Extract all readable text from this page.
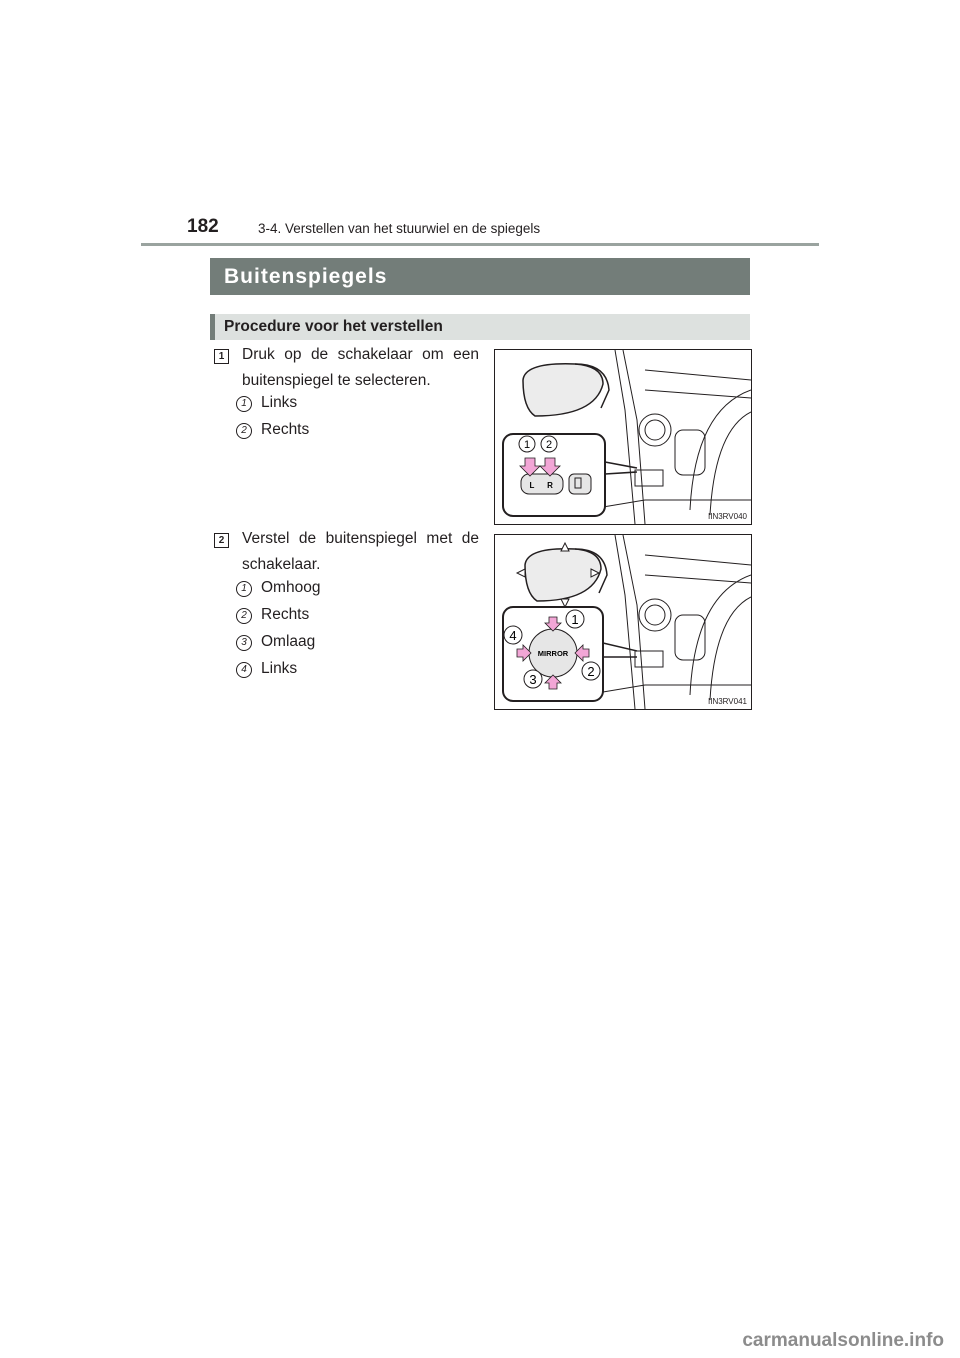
182	3-4. Verstellen van het stuurwiel en de spiegels
Buitenspiegels
Procedure voor het verstellen
1	Druk op de schakelaar om een buitenspiegel te selecteren.
1 Links
2 Rechts
1 2
L R
IIN3RV040
2	Verstel de buitenspiegel met de schakelaar.
1 Omhoog
2 Rechts
3 Omlaag
4 Links
MIRROR
1
2
3
4
IIN3RV041
carmanualsonline.info
